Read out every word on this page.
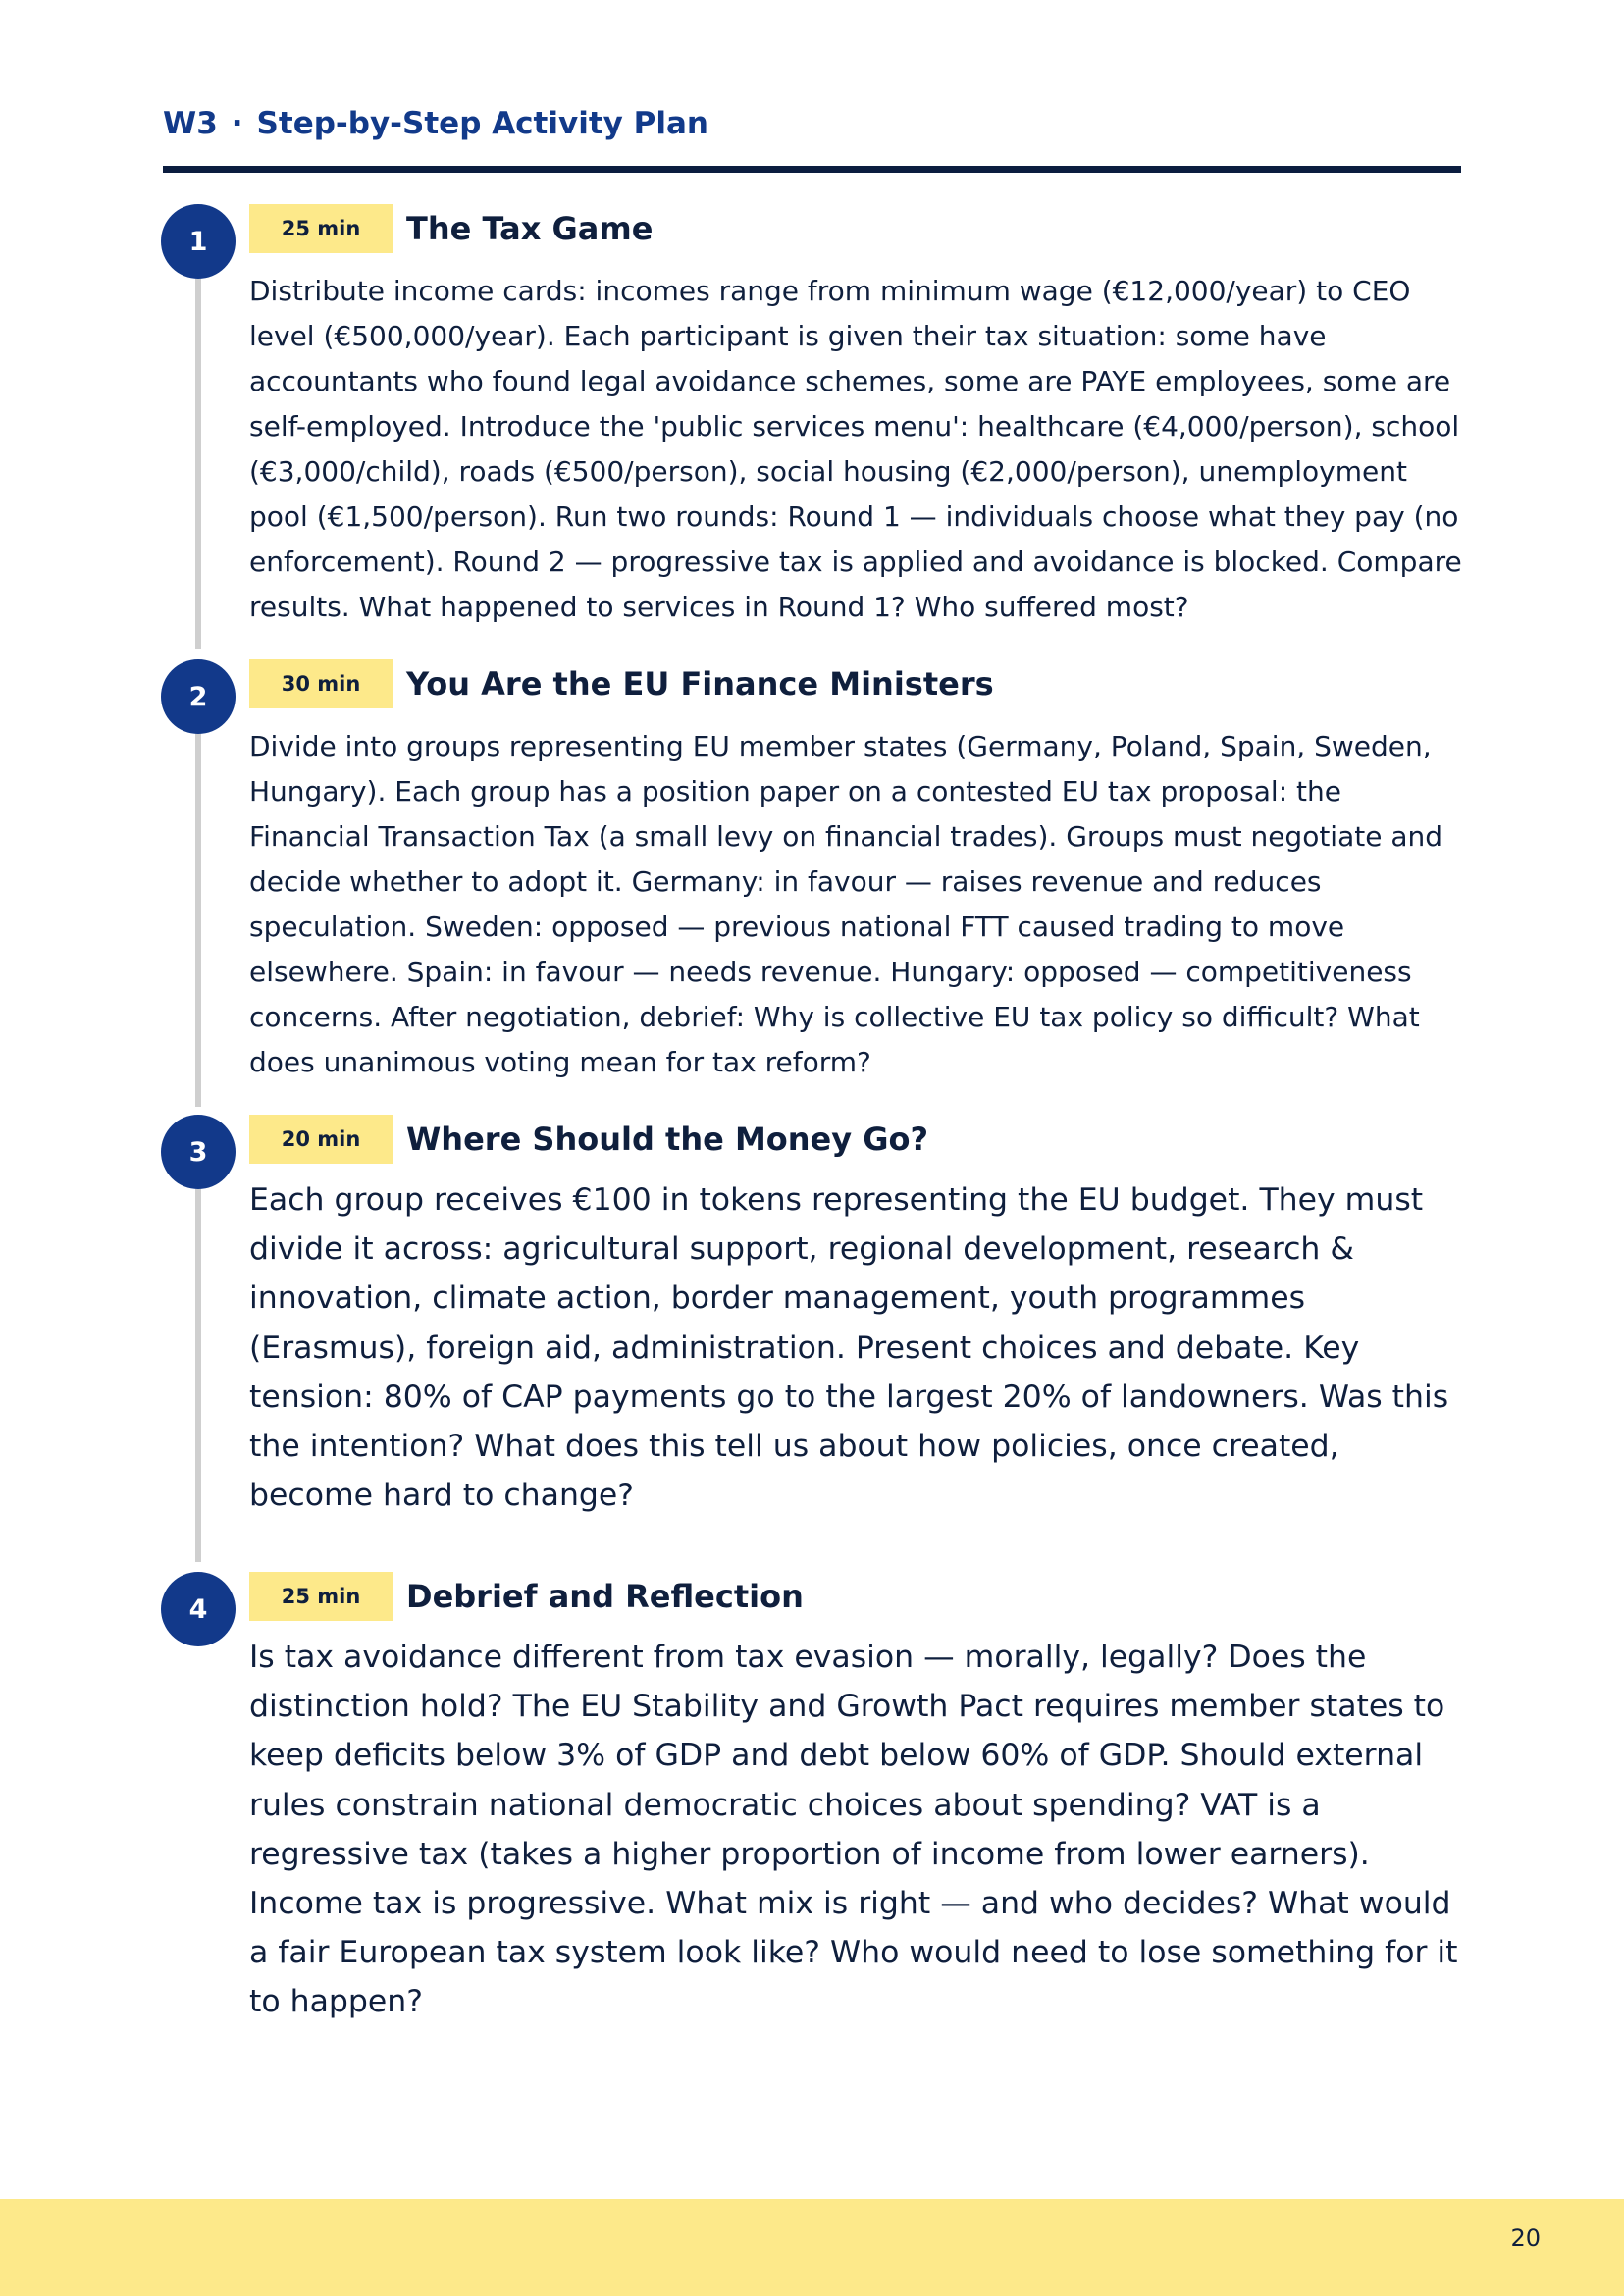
W3 · Step-by-Step Activity Plan
1	25 min	The Tax Game

Distribute income cards: incomes range from minimum wage (€12,000/year) to CEO level (€500,000/year). Each participant is given their tax situation: some have accountants who found legal avoidance schemes, some are PAYE employees, some are self-employed. Introduce the 'public services menu': healthcare (€4,000/person), school (€3,000/child), roads (€500/person), social housing (€2,000/person), unemployment pool (€1,500/person). Run two rounds: Round 1 — individuals choose what they pay (no enforcement). Round 2 — progressive tax is applied and avoidance is blocked. Compare results. What happened to services in Round 1? Who suffered most?

2	30 min	You Are the EU Finance Ministers

Divide into groups representing EU member states (Germany, Poland, Spain, Sweden, Hungary). Each group has a position paper on a contested EU tax proposal: the Financial Transaction Tax (a small levy on financial trades). Groups must negotiate and decide whether to adopt it. Germany: in favour — raises revenue and reduces speculation. Sweden: opposed — previous national FTT caused trading to move elsewhere. Spain: in favour — needs revenue. Hungary: opposed — competitiveness concerns. After negotiation, debrief: Why is collective EU tax policy so difficult? What does unanimous voting mean for tax reform?

3	20 min	Where Should the Money Go?

Each group receives €100 in tokens representing the EU budget. They must divide it across: agricultural support, regional development, research & innovation, climate action, border management, youth programmes (Erasmus), foreign aid, administration. Present choices and debate. Key tension: 80% of CAP payments go to the largest 20% of landowners. Was this the intention? What does this tell us about how policies, once created, become hard to change?

4	25 min	Debrief and Reflection

Is tax avoidance different from tax evasion — morally, legally? Does the distinction hold? The EU Stability and Growth Pact requires member states to keep deficits below 3% of GDP and debt below 60% of GDP. Should external rules constrain national democratic choices about spending? VAT is a regressive tax (takes a higher proportion of income from lower earners). Income tax is progressive. What mix is right — and who decides? What would a fair European tax system look like? Who would need to lose something for it to happen?

20
